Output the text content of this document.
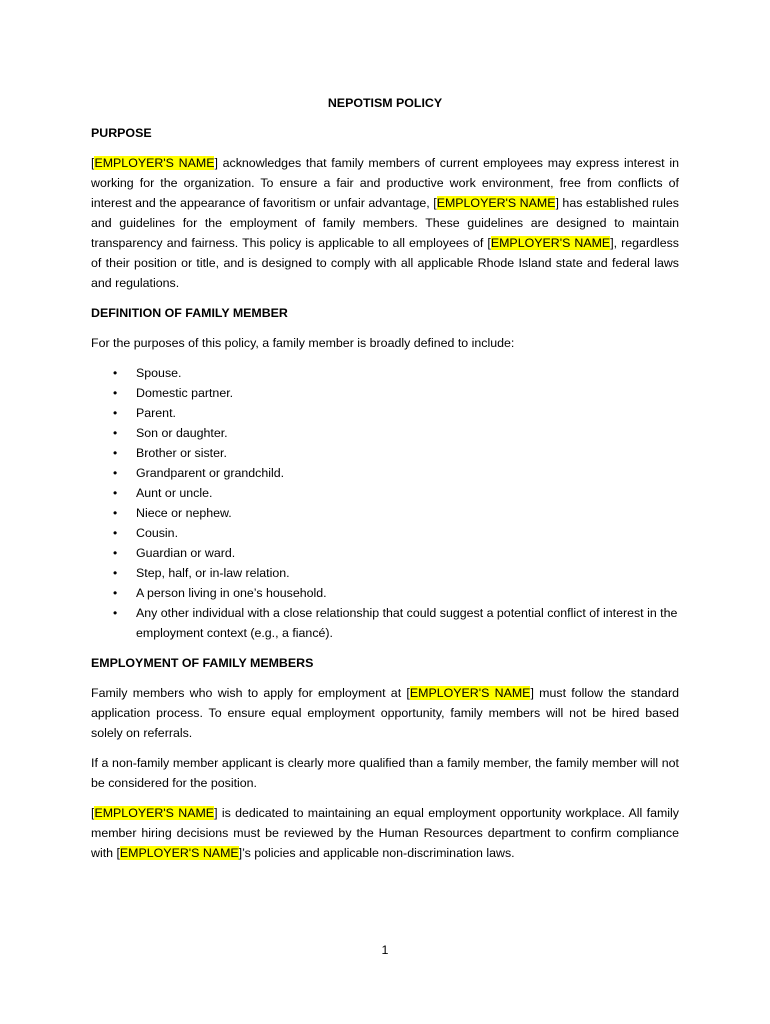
NEPOTISM POLICY

PURPOSE

[EMPLOYER'S NAME] acknowledges that family members of current employees may express interest in working for the organization. To ensure a fair and productive work environment, free from conflicts of interest and the appearance of favoritism or unfair advantage, [EMPLOYER'S NAME] has established rules and guidelines for the employment of family members. These guidelines are designed to maintain transparency and fairness. This policy is applicable to all employees of [EMPLOYER'S NAME], regardless of their position or title, and is designed to comply with all applicable Rhode Island state and federal laws and regulations.

DEFINITION OF FAMILY MEMBER

For the purposes of this policy, a family member is broadly defined to include:

• Spouse.
• Domestic partner.
• Parent.
• Son or daughter.
• Brother or sister.
• Grandparent or grandchild.
• Aunt or uncle.
• Niece or nephew.
• Cousin.
• Guardian or ward.
• Step, half, or in-law relation.
• A person living in one’s household.
• Any other individual with a close relationship that could suggest a potential conflict of interest in the employment context (e.g., a fiancé).

EMPLOYMENT OF FAMILY MEMBERS

Family members who wish to apply for employment at [EMPLOYER'S NAME] must follow the standard application process. To ensure equal employment opportunity, family members will not be hired based solely on referrals.

If a non-family member applicant is clearly more qualified than a family member, the family member will not be considered for the position.

[EMPLOYER'S NAME] is dedicated to maintaining an equal employment opportunity workplace. All family member hiring decisions must be reviewed by the Human Resources department to confirm compliance with [EMPLOYER'S NAME]’s policies and applicable non-discrimination laws.

1
